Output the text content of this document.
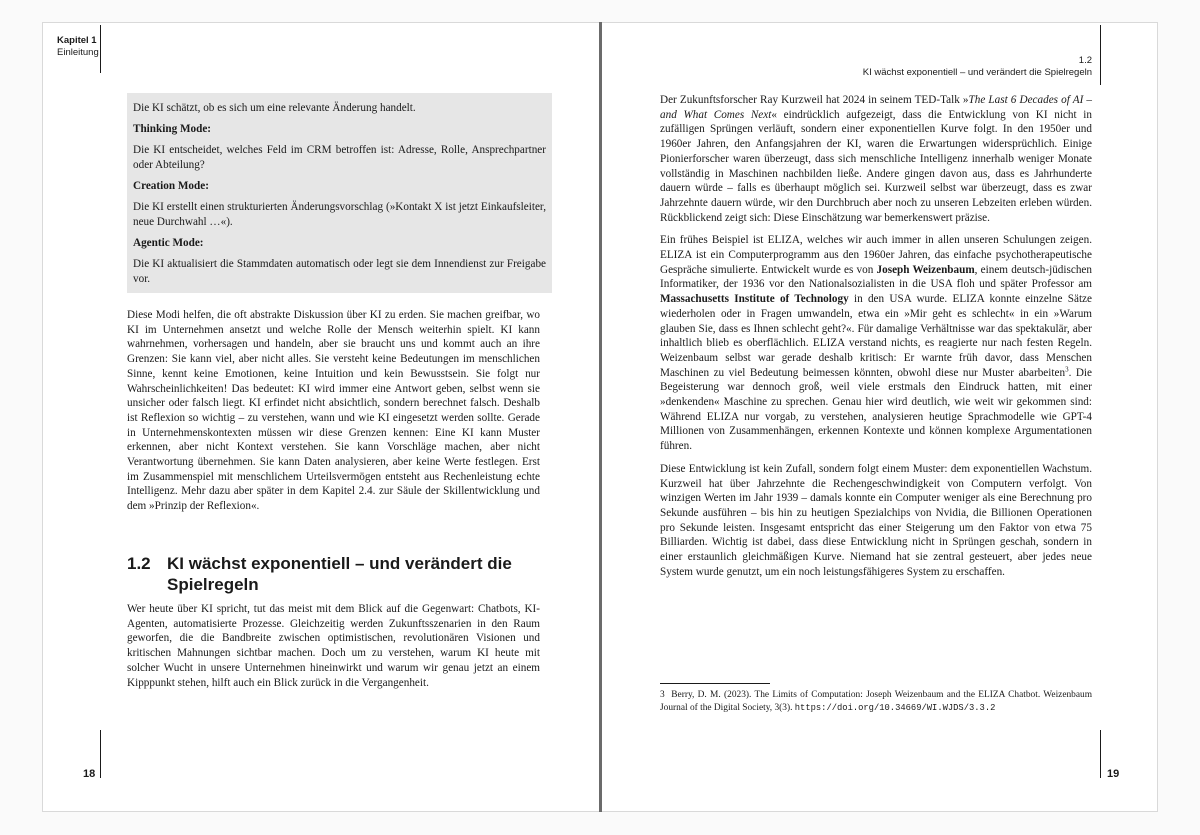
Kapitel 1
Einleitung

Die KI schätzt, ob es sich um eine relevante Änderung handelt.

Thinking Mode:

Die KI entscheidet, welches Feld im CRM betroffen ist: Adresse, Rolle, Ansprechpartner oder Abteilung?

Creation Mode:

Die KI erstellt einen strukturierten Änderungsvorschlag (»Kontakt X ist jetzt Einkaufsleiter, neue Durchwahl …«).

Agentic Mode:

Die KI aktualisiert die Stammdaten automatisch oder legt sie dem Innendienst zur Freigabe vor.

Diese Modi helfen, die oft abstrakte Diskussion über KI zu erden. Sie machen greifbar, wo KI im Unternehmen ansetzt und welche Rolle der Mensch weiterhin spielt. KI kann wahrnehmen, vorhersagen und handeln, aber sie braucht uns und kommt auch an ihre Grenzen: Sie kann viel, aber nicht alles. Sie versteht keine Bedeutungen im menschlichen Sinne, kennt keine Emotionen, keine Intuition und kein Bewusstsein. Sie folgt nur Wahrscheinlichkeiten! Das bedeutet: KI wird immer eine Antwort geben, selbst wenn sie unsicher oder falsch liegt. KI erfindet nicht absichtlich, sondern berechnet falsch. Deshalb ist Reflexion so wichtig – zu verstehen, wann und wie KI eingesetzt werden sollte. Gerade in Unternehmenskontexten müssen wir diese Grenzen kennen: Eine KI kann Muster erkennen, aber nicht Kontext verstehen. Sie kann Vorschläge machen, aber nicht Verantwortung übernehmen. Sie kann Daten analysieren, aber keine Werte festlegen. Erst im Zusammenspiel mit menschlichem Urteilsvermögen entsteht aus Rechenleistung echte Intelligenz. Mehr dazu aber später in dem Kapitel 2.4. zur Säule der Skillentwicklung und dem »Prinzip der Reflexion«.

1.2 KI wächst exponentiell – und verändert die Spielregeln

Wer heute über KI spricht, tut das meist mit dem Blick auf die Gegenwart: Chatbots, KI-Agenten, automatisierte Prozesse. Gleichzeitig werden Zukunftsszenarien in den Raum geworfen, die die Bandbreite zwischen optimistischen, revolutionären Visionen und kritischen Mahnungen sichtbar machen. Doch um zu verstehen, warum KI heute mit solcher Wucht in unsere Unternehmen hineinwirkt und warum wir genau jetzt an einem Kipppunkt stehen, hilft auch ein Blick zurück in die Vergangenheit.

18
1.2
KI wächst exponentiell – und verändert die Spielregeln

Der Zukunftsforscher Ray Kurzweil hat 2024 in seinem TED-Talk »The Last 6 Decades of AI – and What Comes Next« eindrücklich aufgezeigt, dass die Entwicklung von KI nicht in zufälligen Sprüngen verläuft, sondern einer exponentiellen Kurve folgt. In den 1950er und 1960er Jahren, den Anfangsjahren der KI, waren die Erwartungen widersprüchlich. Einige Pionierforscher waren überzeugt, dass sich menschliche Intelligenz innerhalb weniger Monate vollständig in Maschinen nachbilden ließe. Andere gingen davon aus, dass es Jahrhunderte dauern würde – falls es überhaupt möglich sei. Kurzweil selbst war überzeugt, dass es zwar Jahrzehnte dauern würde, wir den Durchbruch aber noch zu unseren Lebzeiten erleben würden. Rückblickend zeigt sich: Diese Einschätzung war bemerkenswert präzise.

Ein frühes Beispiel ist ELIZA, welches wir auch immer in allen unseren Schulungen zeigen. ELIZA ist ein Computerprogramm aus den 1960er Jahren, das einfache psychotherapeutische Gespräche simulierte. Entwickelt wurde es von Joseph Weizenbaum, einem deutsch-jüdischen Informatiker, der 1936 vor den Nationalsozialisten in die USA floh und später Professor am Massachusetts Institute of Technology in den USA wurde. ELIZA konnte einzelne Sätze wiederholen oder in Fragen umwandeln, etwa ein »Mir geht es schlecht« in ein »Warum glauben Sie, dass es Ihnen schlecht geht?«. Für damalige Verhältnisse war das spektakulär, aber inhaltlich blieb es oberflächlich. ELIZA verstand nichts, es reagierte nur nach festen Regeln. Weizenbaum selbst war gerade deshalb kritisch: Er warnte früh davor, dass Menschen Maschinen zu viel Bedeutung beimessen könnten, obwohl diese nur Muster abarbeiten$^3$. Die Begeisterung war dennoch groß, weil viele erstmals den Eindruck hatten, mit einer »denkenden« Maschine zu sprechen. Genau hier wird deutlich, wie weit wir gekommen sind: Während ELIZA nur vorgab, zu verstehen, analysieren heutige Sprachmodelle wie GPT-4 Millionen von Zusammenhängen, erkennen Kontexte und können komplexe Argumentationen führen.

Diese Entwicklung ist kein Zufall, sondern folgt einem Muster: dem exponentiellen Wachstum. Kurzweil hat über Jahrzehnte die Rechengeschwindigkeit von Computern verfolgt. Von winzigen Werten im Jahr 1939 – damals konnte ein Computer weniger als eine Berechnung pro Sekunde ausführen – bis hin zu heutigen Spezialchips von Nvidia, die Billionen Operationen pro Sekunde leisten. Insgesamt entspricht das einer Steigerung um den Faktor von etwa 75 Billiarden. Wichtig ist dabei, dass diese Entwicklung nicht in Sprüngen geschah, sondern in einer erstaunlich gleichmäßigen Kurve. Niemand hat sie zentral gesteuert, aber jedes neue System wurde genutzt, um ein noch leistungsfähigeres System zu erschaffen.

3 Berry, D. M. (2023). The Limits of Computation: Joseph Weizenbaum and the ELIZA Chatbot. Weizenbaum Journal of the Digital Society, 3(3). https://doi.org/10.34669/WI.WJDS/3.3.2
19
